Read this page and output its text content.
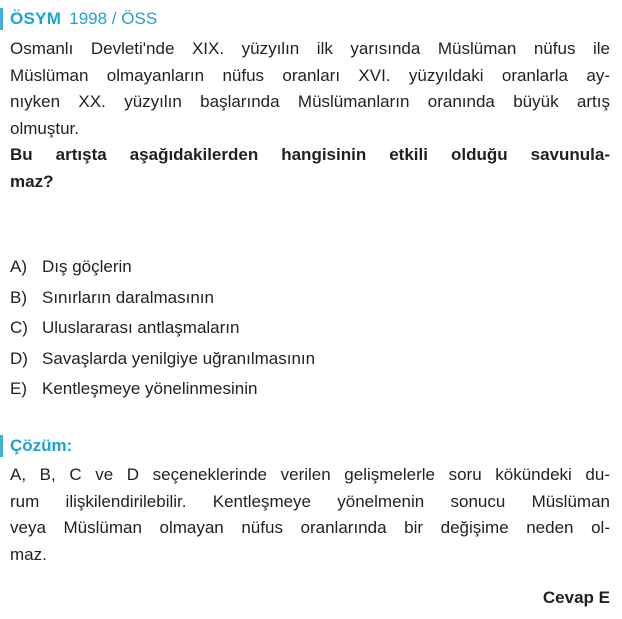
ÖSYM 1998 / ÖSS
Osmanlı Devleti'nde XIX. yüzyılın ilk yarısında Müslüman nüfus ile
Müslüman olmayanların nüfus oranları XVI. yüzyıldaki oranlarla ay-
nıyken XX. yüzyılın başlarında Müslümanların oranında büyük artış
olmuştur.
Bu artışta aşağıdakilerden hangisinin etkili olduğu savunula-
maz?
A) Dış göçlerin
B) Sınırların daralmasının
C) Uluslararası antlaşmaların
D) Savaşlarda yenilgiye uğranılmasının
E) Kentleşmeye yönelinmesinin
Çözüm:
A, B, C ve D seçeneklerinde verilen gelişmelerle soru kökündeki du-
rum ilişkilendirilebilir. Kentleşmeye yönelmenin sonucu Müslüman
veya Müslüman olmayan nüfus oranlarında bir değişime neden ol-
maz.
Cevap E
